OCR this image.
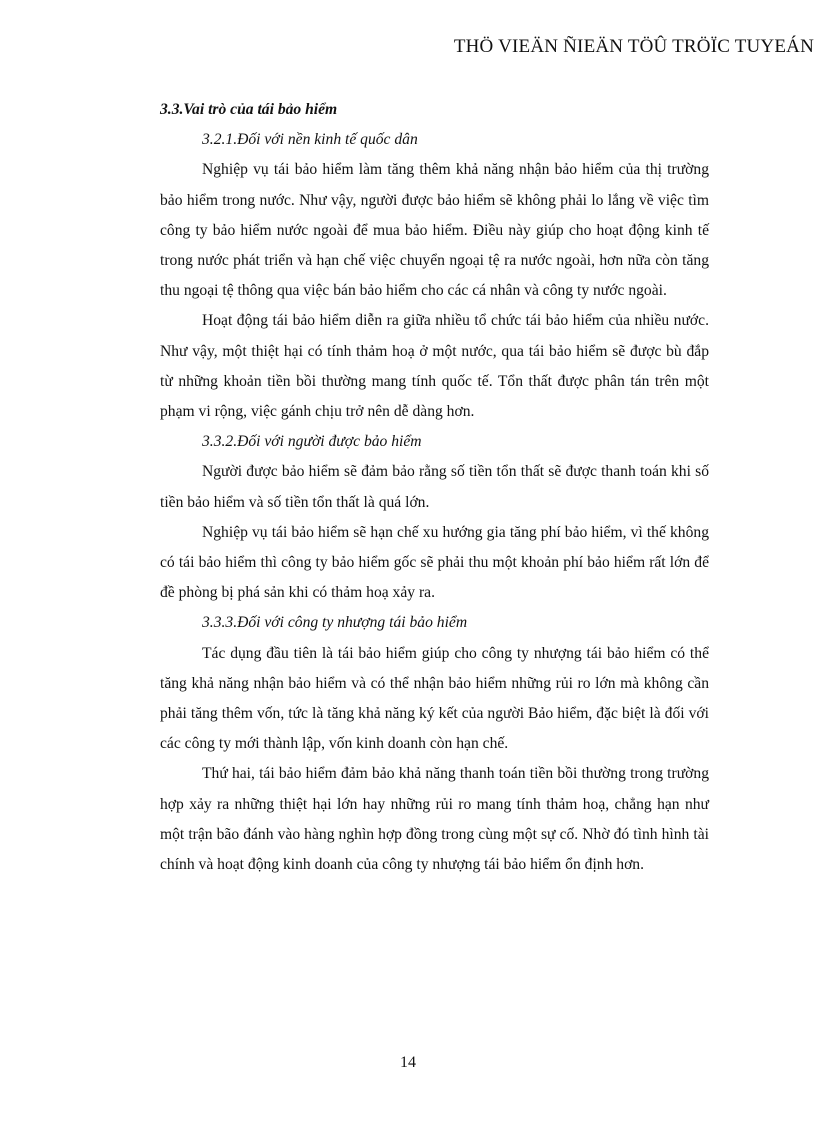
THÖ VIEÄN ÑIEÄN TÖÛ TRÖÏC TUYEÁN

3.3.Vai trò của tái bảo hiểm

3.2.1.Đối với nền kinh tế quốc dân

Nghiệp vụ tái bảo hiểm làm tăng thêm khả năng nhận bảo hiểm của thị trường bảo hiểm trong nước. Như vậy, người được bảo hiểm sẽ không phải lo lắng về việc tìm công ty bảo hiểm nước ngoài để mua bảo hiểm. Điều này giúp cho hoạt động kinh tế trong nước phát triển và hạn chế việc chuyển ngoại tệ ra nước ngoài, hơn nữa còn tăng thu ngoại tệ thông qua việc bán bảo hiểm cho các cá nhân và công ty nước ngoài.

Hoạt động tái bảo hiểm diễn ra giữa nhiều tổ chức tái bảo hiểm của nhiều nước. Như vậy, một thiệt hại có tính thảm hoạ ở một nước, qua tái bảo hiểm sẽ được bù đắp từ những khoản tiền bồi thường mang tính quốc tế. Tổn thất được phân tán trên một phạm vi rộng, việc gánh chịu trở nên dễ dàng hơn.

3.3.2.Đối với người được bảo hiểm

Người được bảo hiểm sẽ đảm bảo rằng số tiền tổn thất sẽ được thanh toán khi số tiền bảo hiểm và số tiền tổn thất là quá lớn.

Nghiệp vụ tái bảo hiểm sẽ hạn chế xu hướng gia tăng phí bảo hiểm, vì thế không có tái bảo hiểm thì công ty bảo hiểm gốc sẽ phải thu một khoản phí bảo hiểm rất lớn để đề phòng bị phá sản khi có thảm hoạ xảy ra.

3.3.3.Đối với công ty nhượng tái bảo hiểm

Tác dụng đầu tiên là tái bảo hiểm giúp cho công ty nhượng tái bảo hiểm có thể tăng khả năng nhận bảo hiểm và có thể nhận bảo hiểm những rủi ro lớn mà không cần phải tăng thêm vốn, tức là tăng khả năng ký kết của người Bảo hiểm, đặc biệt là đối với các công ty mới thành lập, vốn kinh doanh còn hạn chế.

Thứ hai, tái bảo hiểm đảm bảo khả năng thanh toán tiền bồi thường trong trường hợp xảy ra những thiệt hại lớn hay những rủi ro mang tính thảm hoạ, chẳng hạn như một trận bão đánh vào hàng nghìn hợp đồng trong cùng một sự cố. Nhờ đó tình hình tài chính và hoạt động kinh doanh của công ty nhượng tái bảo hiểm ổn định hơn.

14
